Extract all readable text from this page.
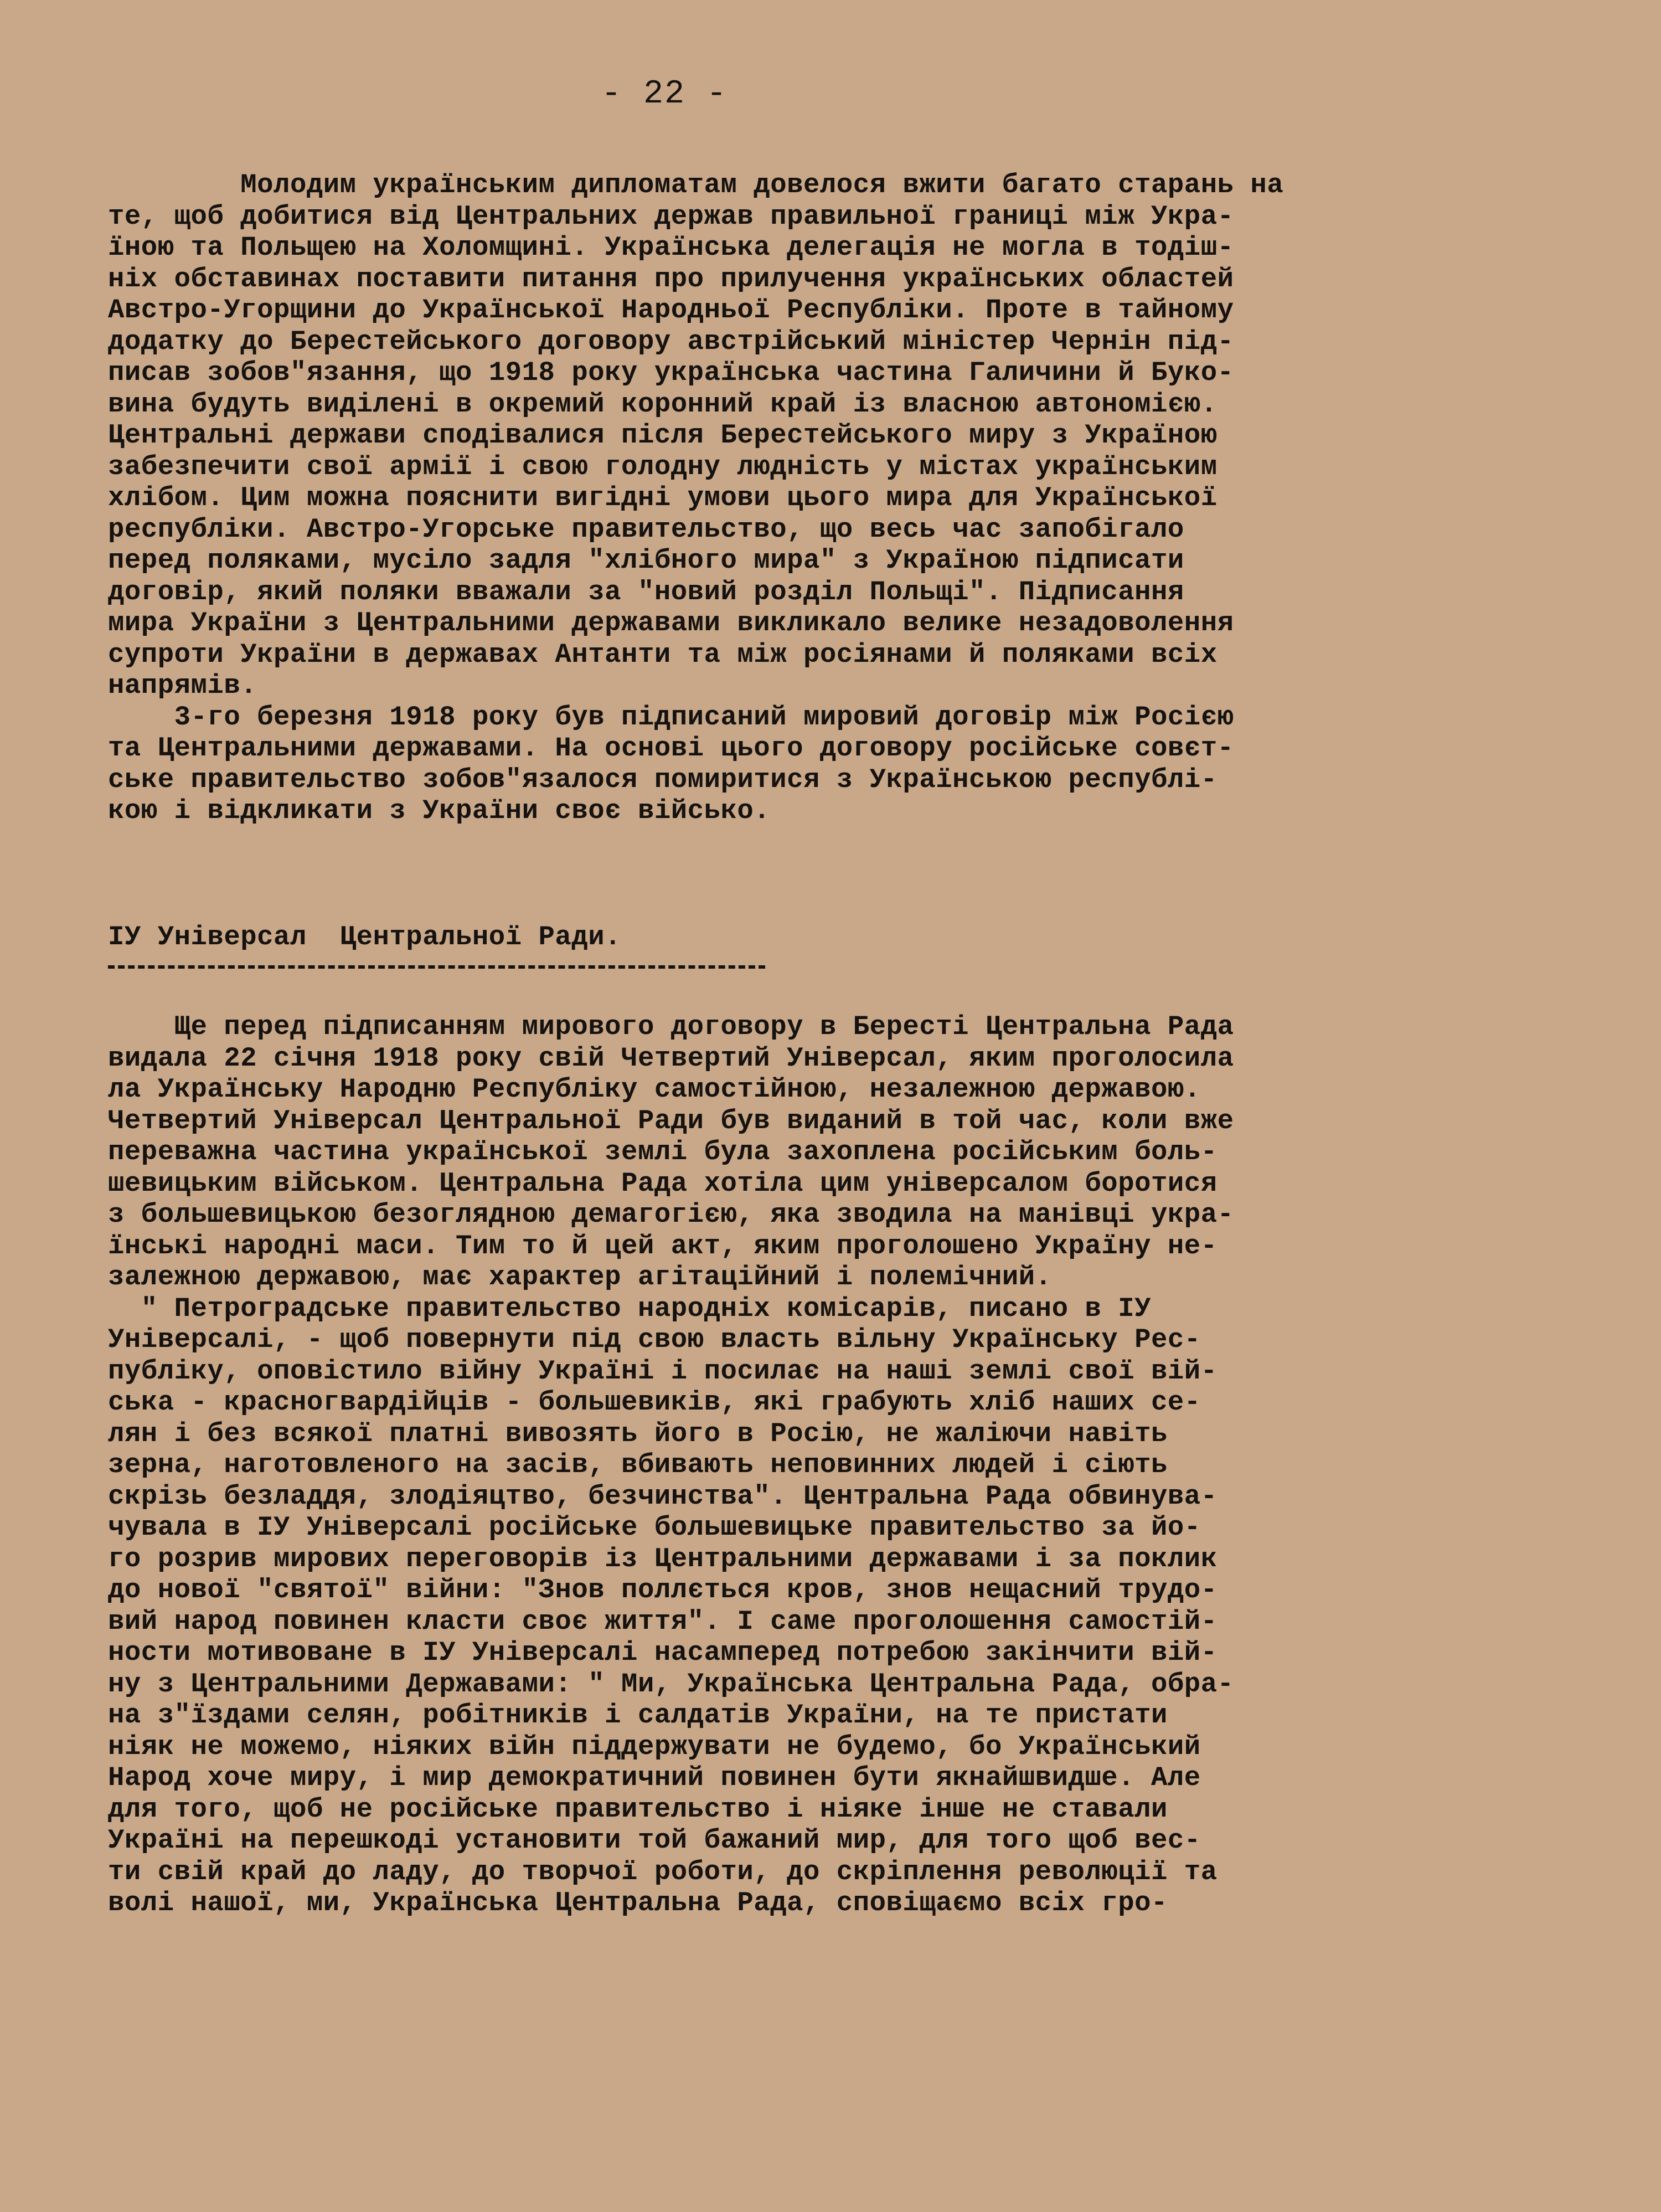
- 22 -
Молодим українським дипломатам довелося вжити багато старань на
те, щоб добитися від Центральних держав правильної границі між Укра-
їною та Польщею на Холомщині. Українська делегація не могла в тодіш-
ніх обставинах поставити питання про прилучення українських областей
Австро-Угорщини до Української Народньої Республіки. Проте в тайному
додатку до Берестейського договору австрійський міністер Чернін під-
писав зобов"язання, що 1918 року українська частина Галичини й Буко-
вина будуть виділені в окремий коронний край із власною автономією.
Центральні держави сподівалися після Берестейського миру з Україною
забезпечити свої армії і свою голодну людність у містах українським
хлібом. Цим можна пояснити вигідні умови цього мира для Української
республіки. Австро-Угорське правительство, що весь час запобігало
перед поляками, мусіло задля "хлібного мира" з Україною підписати
договір, який поляки вважали за "новий розділ Польщі". Підписання
мира України з Центральними державами викликало велике незадоволення
супроти України в державах Антанти та між росіянами й поляками всіх
напрямів.
3-го березня 1918 року був підписаний мировий договір між Росією
та Центральними державами. На основі цього договору російське совєт-
ське правительство зобов"язалося помиритися з Українською республі-
кою і відкликати з України своє військо.
ІУ Універсал  Центральної Ради.
Ще перед підписанням мирового договору в Бересті Центральна Рада
видала 22 січня 1918 року свій Четвертий Універсал, яким проголосила
ла Українську Народню Республіку самостійною, незалежною державою.
Четвертий Універсал Центральної Ради був виданий в той час, коли вже
переважна частина української землі була захоплена російським боль-
шевицьким військом. Центральна Рада хотіла цим універсалом боротися
з большевицькою безоглядною демагогією, яка зводила на манівці укра-
їнські народні маси. Тим то й цей акт, яким проголошено Україну не-
залежною державою, має характер агітаційний і полемічний.
" Петроградське правительство народніх комісарів, писано в ІУ
Універсалі, - щоб повернути під свою власть вільну Українську Рес-
публіку, оповістило війну Україні і посилає на наші землі свої вій-
ська - красногвардійців - большевиків, які грабують хліб наших се-
лян і без всякої платні вивозять його в Росію, не жаліючи навіть
зерна, наготовленого на засів, вбивають неповинних людей і сіють
скрізь безладдя, злодіяцтво, безчинства". Центральна Рада обвинува-
чувала в ІУ Універсалі російське большевицьке правительство за йо-
го розрив мирових переговорів із Центральними державами і за поклик
до нової "святої" війни: "Знов поллється кров, знов нещасний трудо-
вий народ повинен класти своє життя". І саме проголошення самостій-
ности мотивоване в ІУ Універсалі насамперед потребою закінчити вій-
ну з Центральними Державами: " Ми, Українська Центральна Рада, обра-
на з"їздами селян, робітників і салдатів України, на те пристати
ніяк не можемо, ніяких війн піддержувати не будемо, бо Український
Народ хоче миру, і мир демократичний повинен бути якнайшвидше. Але
для того, щоб не російське правительство і ніяке інше не ставали
Україні на перешкоді установити той бажаний мир, для того щоб вес-
ти свій край до ладу, до творчої роботи, до скріплення революції та
волі нашої, ми, Українська Центральна Рада, сповіщаємо всіх гро-
